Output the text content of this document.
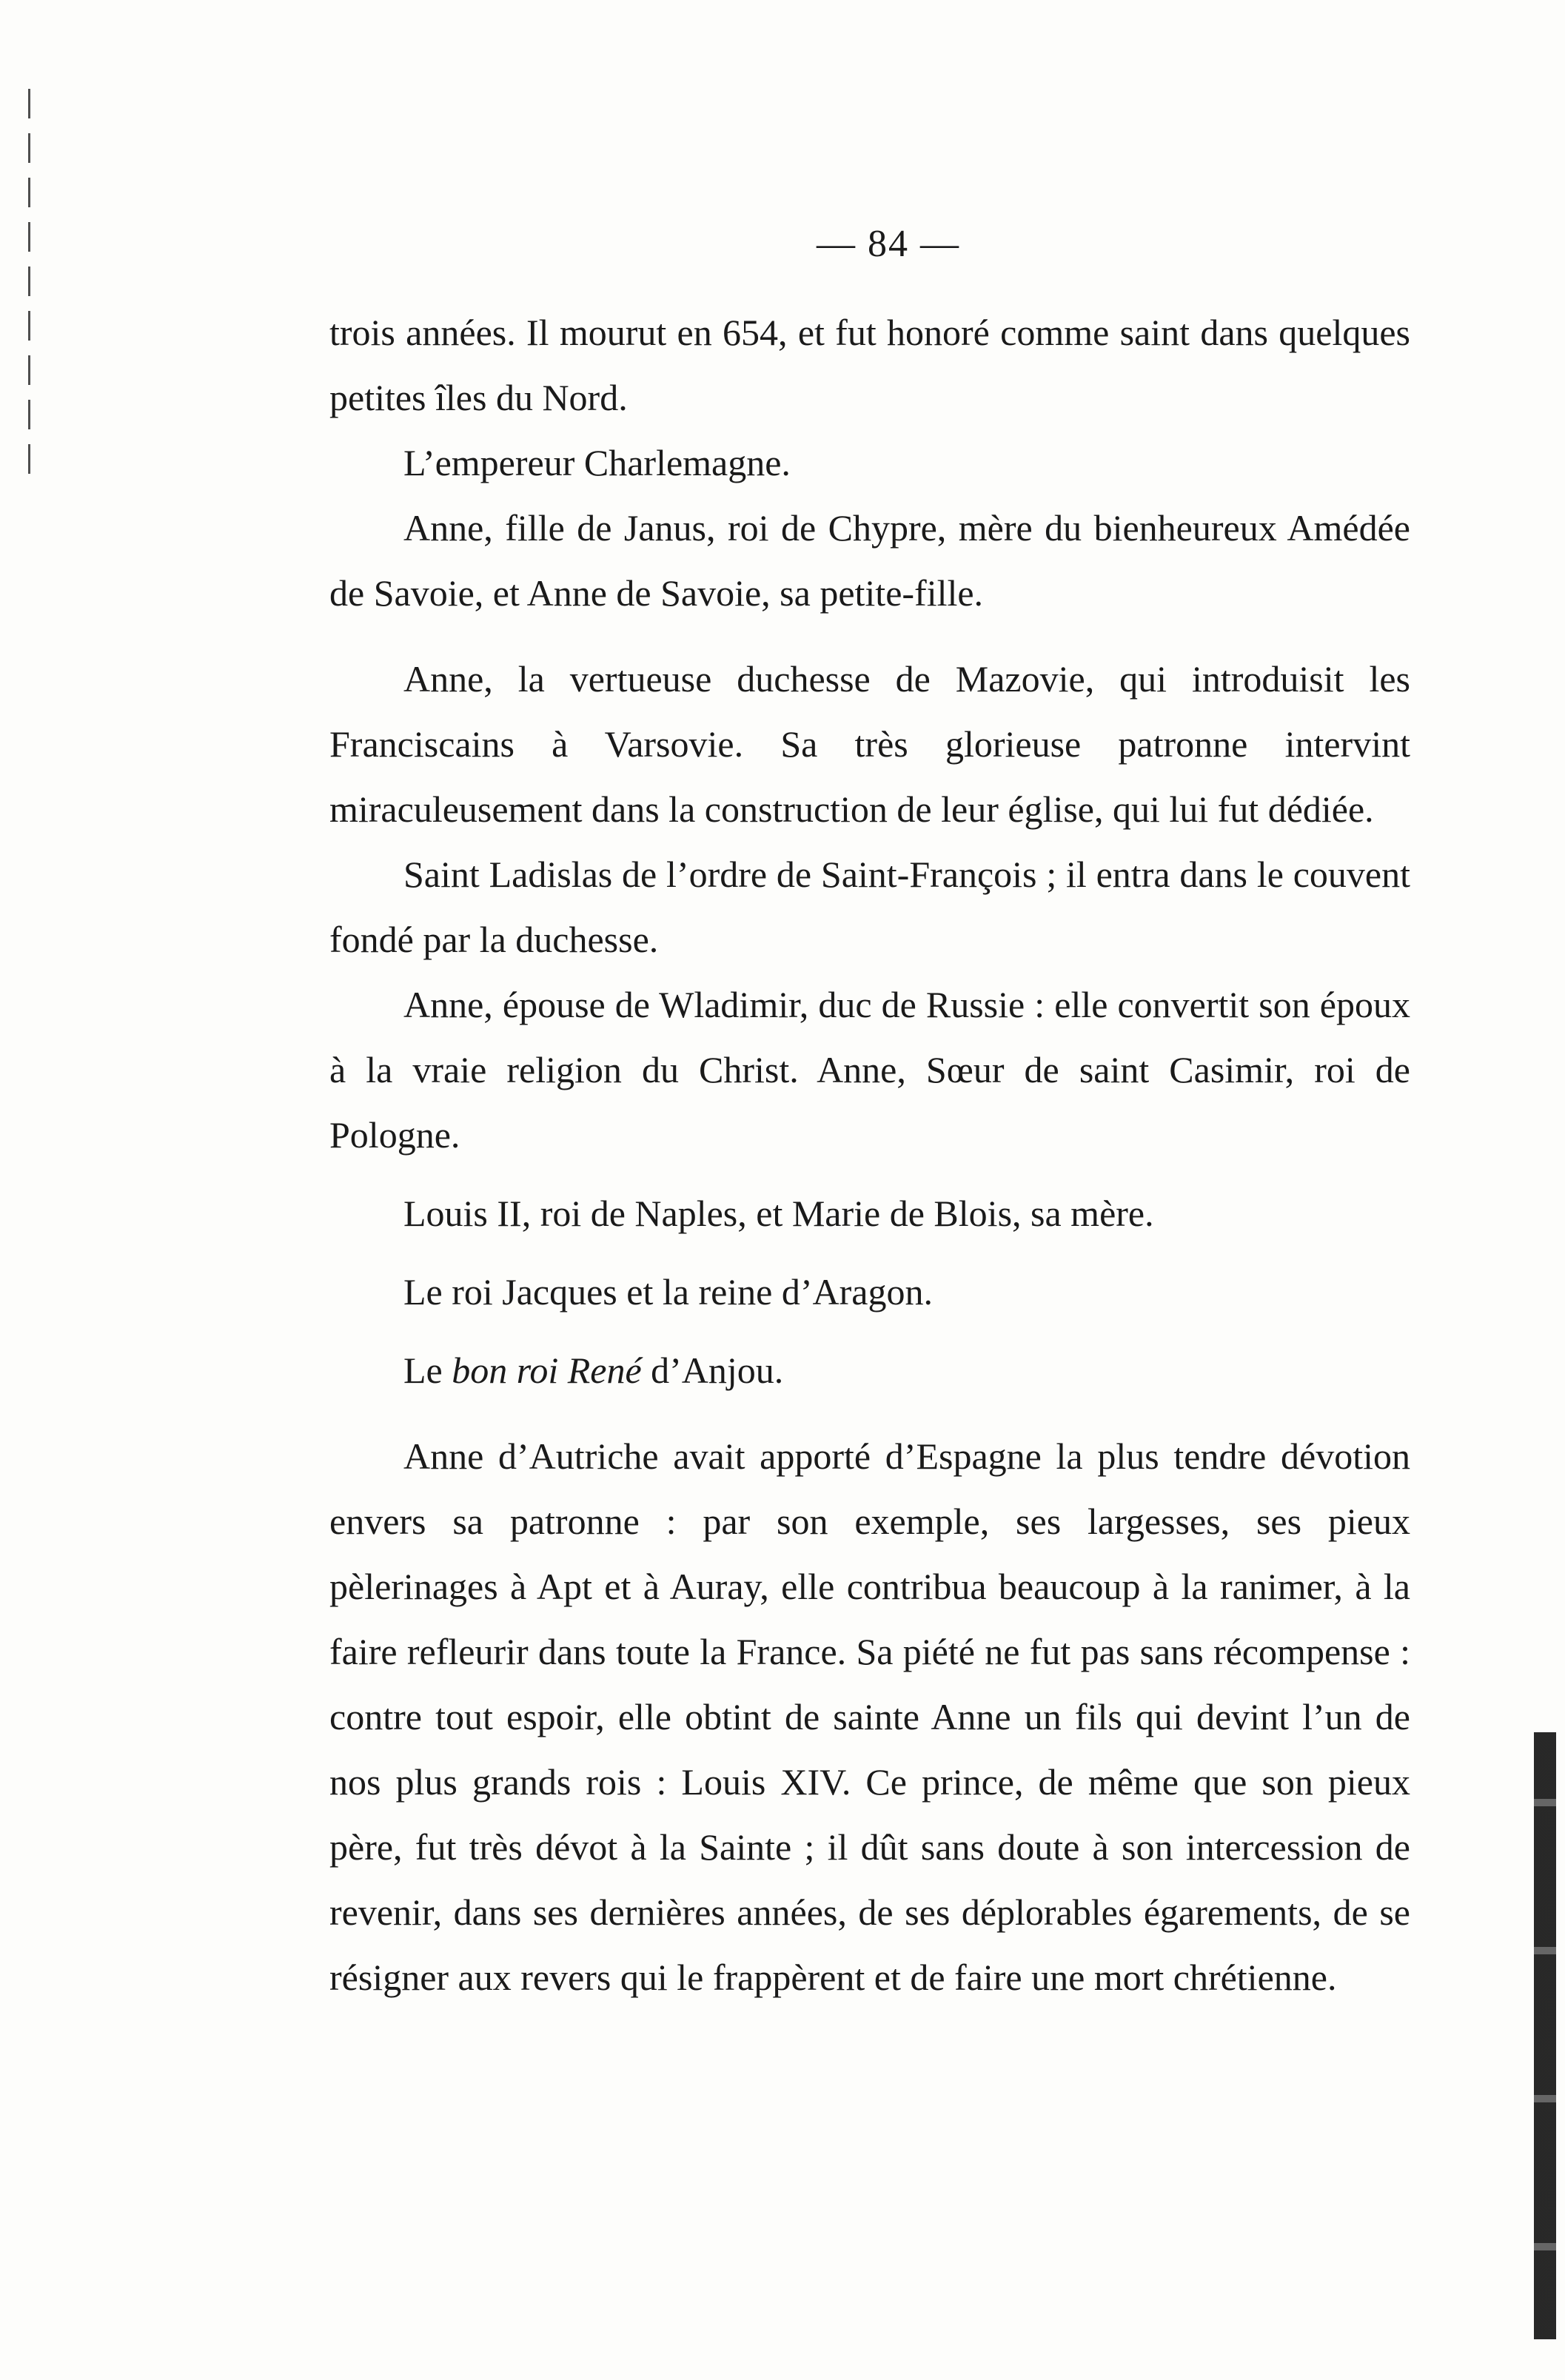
— 84 —

trois années. Il mourut en 654, et fut honoré comme saint dans quelques petites îles du Nord.

L’empereur Charlemagne.

Anne, fille de Janus, roi de Chypre, mère du bienheureux Amédée de Savoie, et Anne de Savoie, sa petite-fille.

Anne, la vertueuse duchesse de Mazovie, qui introduisit les Franciscains à Varsovie. Sa très glorieuse patronne intervint miraculeusement dans la construction de leur église, qui lui fut dédiée.

Saint Ladislas de l’ordre de Saint-François ; il entra dans le couvent fondé par la duchesse.

Anne, épouse de Wladimir, duc de Russie : elle convertit son époux à la vraie religion du Christ. Anne, Sœur de saint Casimir, roi de Pologne.

Louis II, roi de Naples, et Marie de Blois, sa mère.

Le roi Jacques et la reine d’Aragon.

Le bon roi René d’Anjou.

Anne d’Autriche avait apporté d’Espagne la plus tendre dévotion envers sa patronne : par son exemple, ses largesses, ses pieux pèlerinages à Apt et à Auray, elle contribua beaucoup à la ranimer, à la faire refleurir dans toute la France. Sa piété ne fut pas sans récompense : contre tout espoir, elle obtint de sainte Anne un fils qui devint l’un de nos plus grands rois : Louis XIV. Ce prince, de même que son pieux père, fut très dévot à la Sainte ; il dût sans doute à son intercession de revenir, dans ses dernières années, de ses déplorables égarements, de se résigner aux revers qui le frappèrent et de faire une mort chrétienne.
